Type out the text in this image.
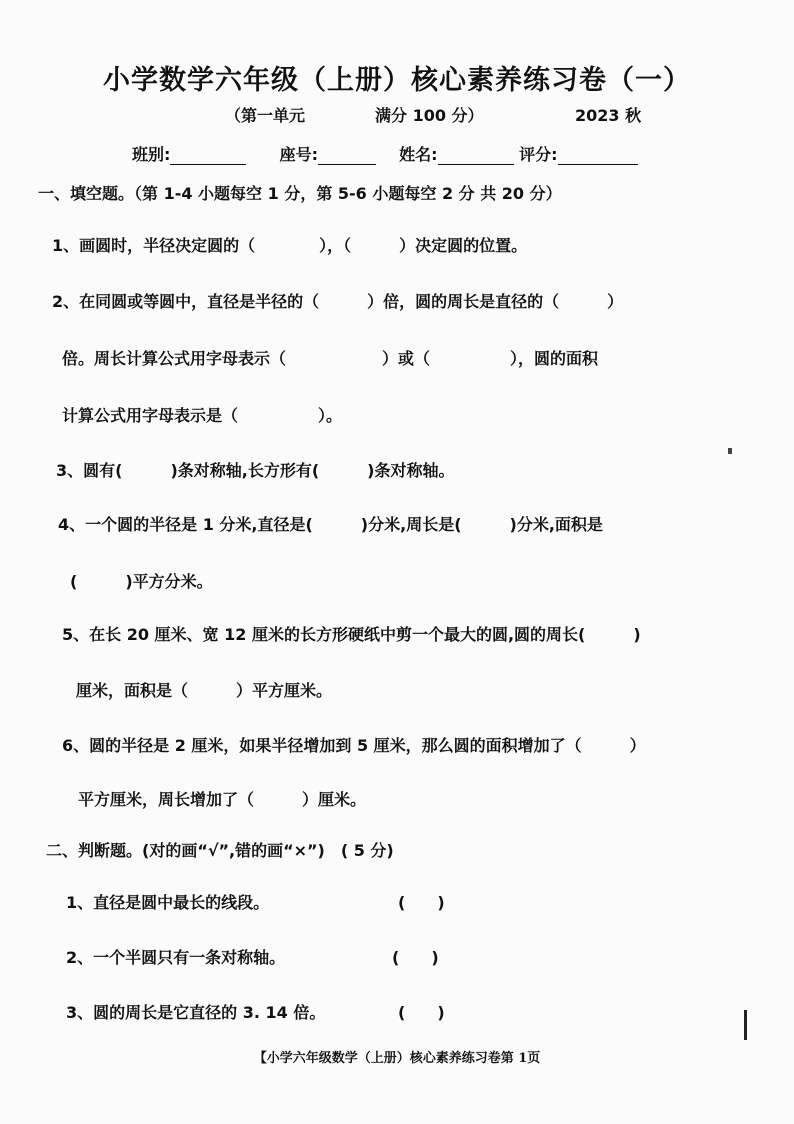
小学数学六年级（上册）核心素养练习卷（一）
（第一单元	满分 100 分）	2023 秋
班别:	座号:	姓名:	评分:
一、填空题。（第 1-4 小题每空 1 分，第 5-6 小题每空 2 分 共 20 分）
1、画圆时，半径决定圆的（　　　　），（　　　）决定圆的位置。
2、在同圆或等圆中，直径是半径的（　　　）倍，圆的周长是直径的（　　　）
倍。周长计算公式用字母表示（　　　　　　）或（　　　　　），圆的面积
计算公式用字母表示是（　　　　　）。
3、圆有(　　　)条对称轴,长方形有(　　　)条对称轴。
4、一个圆的半径是 1 分米,直径是(　　　)分米,周长是(　　　)分米,面积是
(　　　)平方分米。
5、在长 20 厘米、宽 12 厘米的长方形硬纸中剪一个最大的圆,圆的周长(　　　)
厘米，面积是（　　　）平方厘米。
6、圆的半径是 2 厘米，如果半径增加到 5 厘米，那么圆的面积增加了（　　　）
平方厘米，周长增加了（　　　）厘米。
二、判断题。(对的画“√”,错的画“×”)　( 5 分)
1、直径是圆中最长的线段。	(　　)
2、一个半圆只有一条对称轴。	(　　)
3、圆的周长是它直径的 3. 14 倍。	(　　)
【小学六年级数学（上册）核心素养练习卷第 1页
